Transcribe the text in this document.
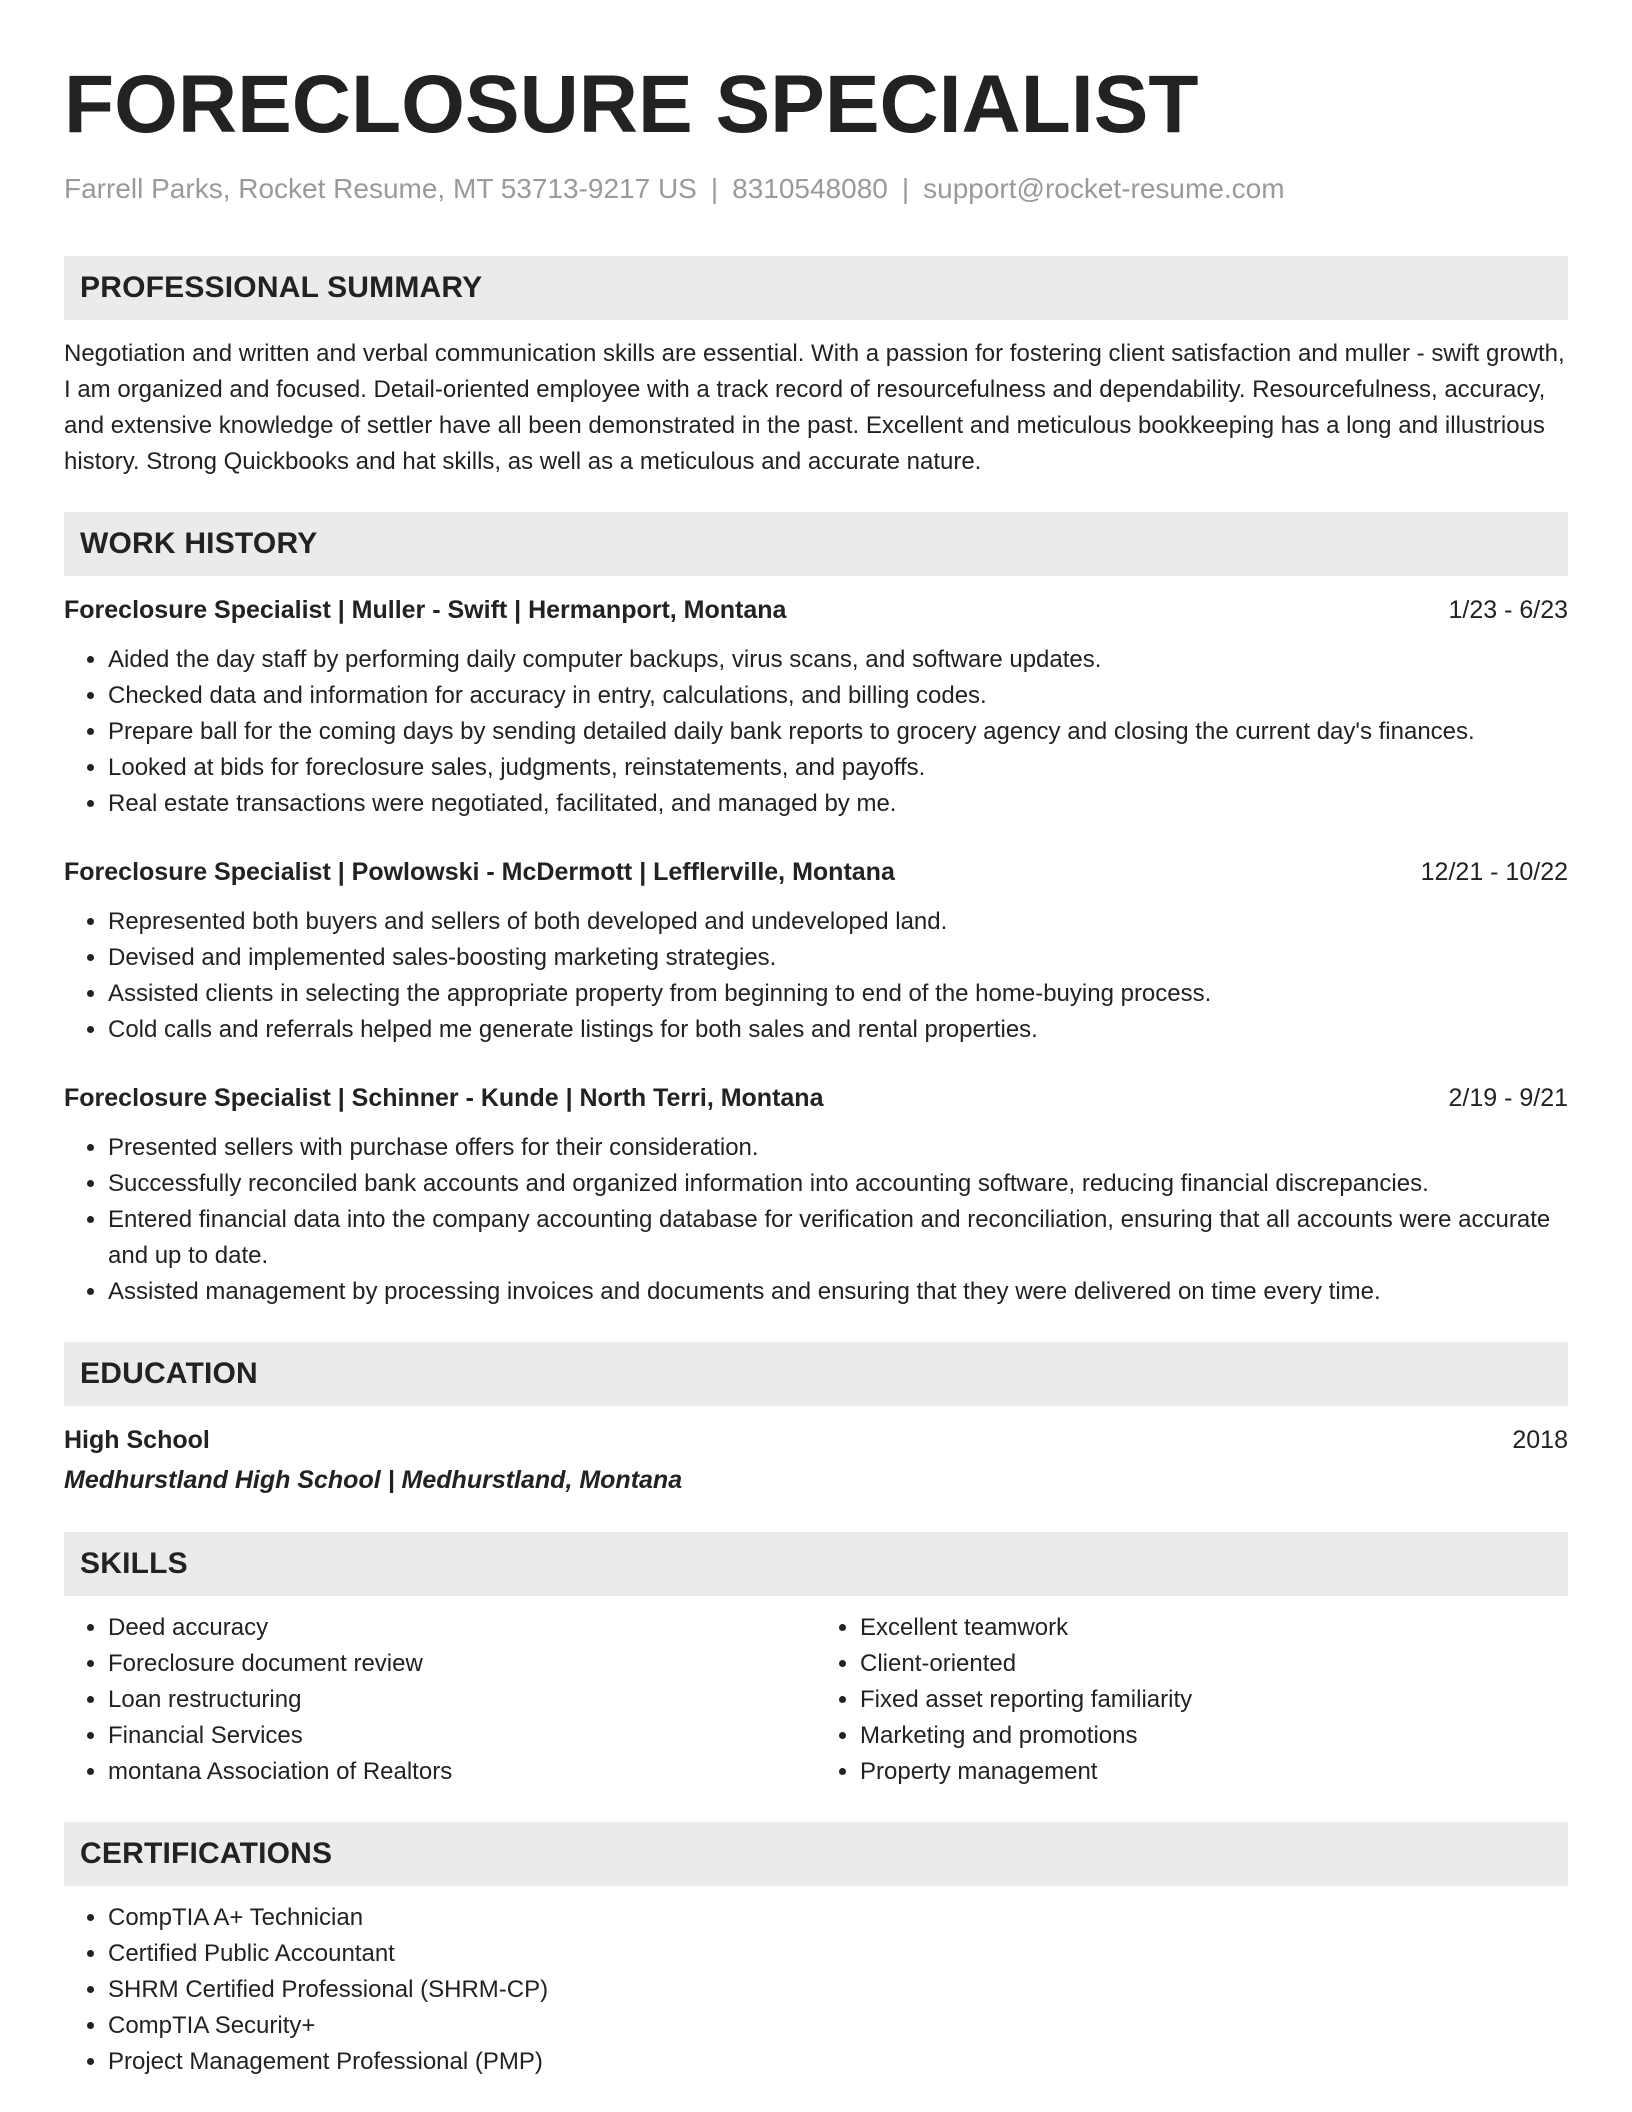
FORECLOSURE SPECIALIST
Farrell Parks, Rocket Resume, MT 53713-9217 US | 8310548080 | support@rocket-resume.com
PROFESSIONAL SUMMARY
Negotiation and written and verbal communication skills are essential. With a passion for fostering client satisfaction and muller - swift growth, I am organized and focused. Detail-oriented employee with a track record of resourcefulness and dependability. Resourcefulness, accuracy, and extensive knowledge of settler have all been demonstrated in the past. Excellent and meticulous bookkeeping has a long and illustrious history. Strong Quickbooks and hat skills, as well as a meticulous and accurate nature.
WORK HISTORY
Foreclosure Specialist | Muller - Swift | Hermanport, Montana	1/23 - 6/23
• Aided the day staff by performing daily computer backups, virus scans, and software updates.
• Checked data and information for accuracy in entry, calculations, and billing codes.
• Prepare ball for the coming days by sending detailed daily bank reports to grocery agency and closing the current day's finances.
• Looked at bids for foreclosure sales, judgments, reinstatements, and payoffs.
• Real estate transactions were negotiated, facilitated, and managed by me.
Foreclosure Specialist | Powlowski - McDermott | Lefflerville, Montana	12/21 - 10/22
• Represented both buyers and sellers of both developed and undeveloped land.
• Devised and implemented sales-boosting marketing strategies.
• Assisted clients in selecting the appropriate property from beginning to end of the home-buying process.
• Cold calls and referrals helped me generate listings for both sales and rental properties.
Foreclosure Specialist | Schinner - Kunde | North Terri, Montana	2/19 - 9/21
• Presented sellers with purchase offers for their consideration.
• Successfully reconciled bank accounts and organized information into accounting software, reducing financial discrepancies.
• Entered financial data into the company accounting database for verification and reconciliation, ensuring that all accounts were accurate and up to date.
• Assisted management by processing invoices and documents and ensuring that they were delivered on time every time.
EDUCATION
High School	2018
Medhurstland High School | Medhurstland, Montana
SKILLS
• Deed accuracy
• Foreclosure document review
• Loan restructuring
• Financial Services
• montana Association of Realtors
• Excellent teamwork
• Client-oriented
• Fixed asset reporting familiarity
• Marketing and promotions
• Property management
CERTIFICATIONS
• CompTIA A+ Technician
• Certified Public Accountant
• SHRM Certified Professional (SHRM-CP)
• CompTIA Security+
• Project Management Professional (PMP)
